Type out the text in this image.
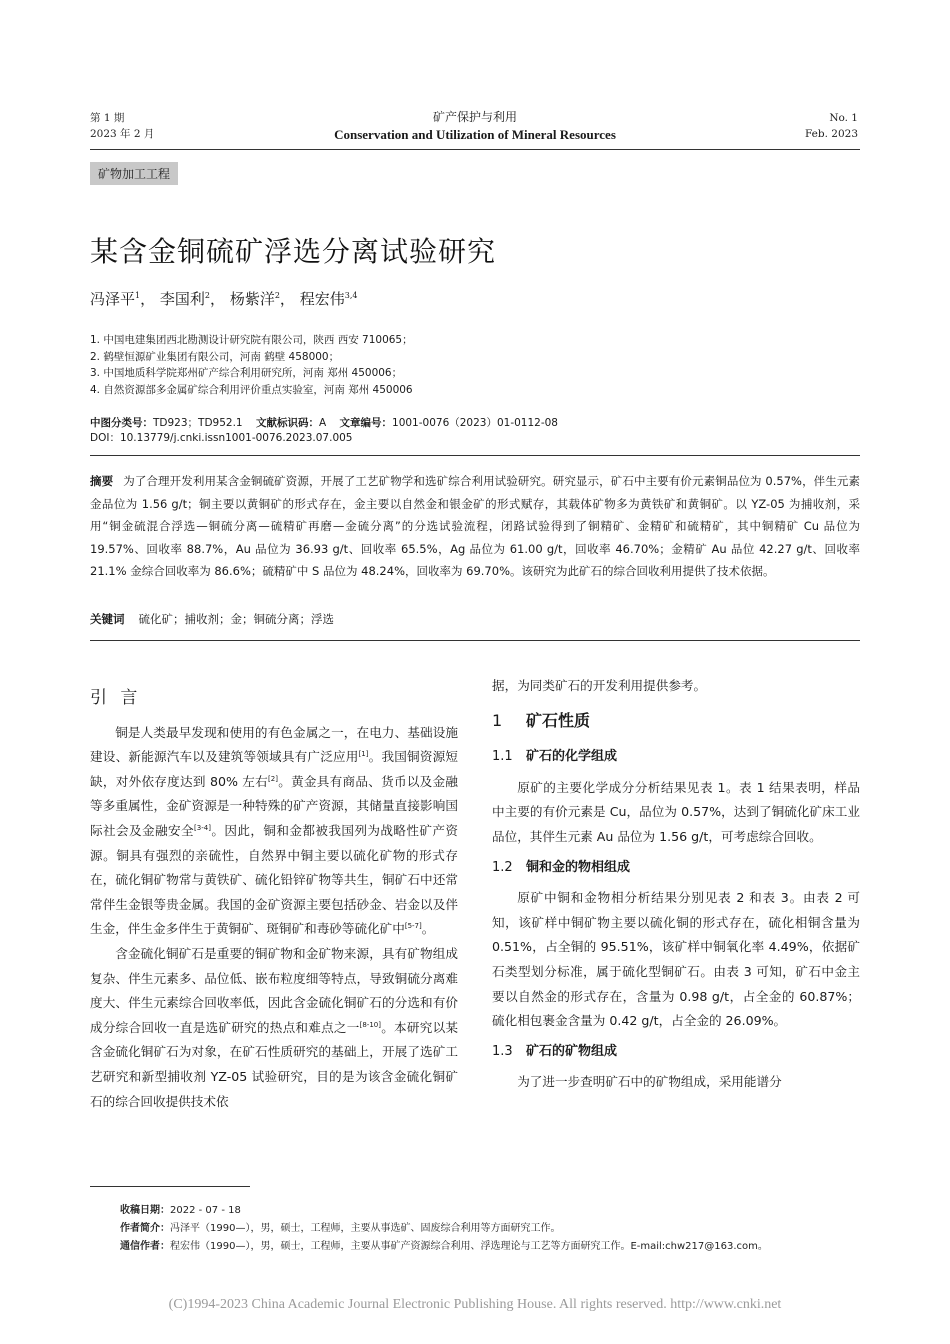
第 1 期
2023 年 2 月
矿产保护与利用
Conservation and Utilization of Mineral Resources
No. 1
Feb. 2023
矿物加工工程
某含金铜硫矿浮选分离试验研究
冯泽平$^1$， 李国利$^2$， 杨紫洋$^2$， 程宏伟$^{3,4}$
1. 中国电建集团西北勘测设计研究院有限公司，陕西 西安 710065；
2. 鹤壁恒源矿业集团有限公司，河南 鹤壁 458000；
3. 中国地质科学院郑州矿产综合利用研究所，河南 郑州 450006；
4. 自然资源部多金属矿综合利用评价重点实验室，河南 郑州 450006
中图分类号：TD923；TD952.1 文献标识码：A 文章编号：1001-0076（2023）01-0112-08
DOI：10.13779/j.cnki.issn1001-0076.2023.07.005
摘要 为了合理开发利用某含金铜硫矿资源，开展了工艺矿物学和选矿综合利用试验研究。研究显示，矿石中主要有价元素铜品位为 0.57%，伴生元素金品位为 1.56 g/t；铜主要以黄铜矿的形式存在，金主要以自然金和银金矿的形式赋存，其载体矿物多为黄铁矿和黄铜矿。以 YZ-05 为捕收剂，采用“铜金硫混合浮选—铜硫分离—硫精矿再磨—金硫分离”的分选试验流程，闭路试验得到了铜精矿、金精矿和硫精矿，其中铜精矿 Cu 品位为 19.57%、回收率 88.7%，Au 品位为 36.93 g/t、回收率 65.5%，Ag 品位为 61.00 g/t，回收率 46.70%；金精矿 Au 品位 42.27 g/t、回收率 21.1% 金综合回收率为 86.6%；硫精矿中 S 品位为 48.24%，回收率为 69.70%。该研究为此矿石的综合回收利用提供了技术依据。
关键词 硫化矿；捕收剂；金；铜硫分离；浮选
引 言

铜是人类最早发现和使用的有色金属之一，在电力、基础设施建设、新能源汽车以及建筑等领域具有广泛应用[1]。我国铜资源短缺，对外依存度达到 80% 左右[2]。黄金具有商品、货币以及金融等多重属性，金矿资源是一种特殊的矿产资源，其储量直接影响国际社会及金融安全[3-4]。因此，铜和金都被我国列为战略性矿产资源。铜具有强烈的亲硫性，自然界中铜主要以硫化矿物的形式存在，硫化铜矿物常与黄铁矿、硫化铅锌矿物等共生，铜矿石中还常常伴生金银等贵金属。我国的金矿资源主要包括砂金、岩金以及伴生金，伴生金多伴生于黄铜矿、斑铜矿和毒砂等硫化矿中[5-7]。

含金硫化铜矿石是重要的铜矿物和金矿物来源，具有矿物组成复杂、伴生元素多、品位低、嵌布粒度细等特点，导致铜硫分离难度大、伴生元素综合回收率低，因此含金硫化铜矿石的分选和有价成分综合回收一直是选矿研究的热点和难点之一[8-10]。本研究以某含金硫化铜矿石为对象，在矿石性质研究的基础上，开展了选矿工艺研究和新型捕收剂 YZ-05 试验研究，目的是为该含金硫化铜矿石的综合回收提供技术依

据，为同类矿石的开发利用提供参考。

1 矿石性质
1.1 矿石的化学组成

原矿的主要化学成分分析结果见表 1。表 1 结果表明，样品中主要的有价元素是 Cu，品位为 0.57%，达到了铜硫化矿床工业品位，其伴生元素 Au 品位为 1.56 g/t，可考虑综合回收。

1.2 铜和金的物相组成

原矿中铜和金物相分析结果分别见表 2 和表 3。由表 2 可知，该矿样中铜矿物主要以硫化铜的形式存在，硫化相铜含量为 0.51%，占全铜的 95.51%，该矿样中铜氧化率 4.49%，依据矿石类型划分标准，属于硫化型铜矿石。由表 3 可知，矿石中金主要以自然金的形式存在，含量为 0.98 g/t，占全金的 60.87%；硫化相包裹金含量为 0.42 g/t，占全金的 26.09%。

1.3 矿石的矿物组成

为了进一步查明矿石中的矿物组成，采用能谱分

收稿日期：2022 - 07 - 18
作者简介：冯泽平（1990—），男，硕士，工程师，主要从事选矿、固废综合利用等方面研究工作。
通信作者：程宏伟（1990—），男，硕士，工程师，主要从事矿产资源综合利用、浮选理论与工艺等方面研究工作。E-mail:chw217@163.com。
(C)1994-2023 China Academic Journal Electronic Publishing House. All rights reserved. http://www.cnki.net
